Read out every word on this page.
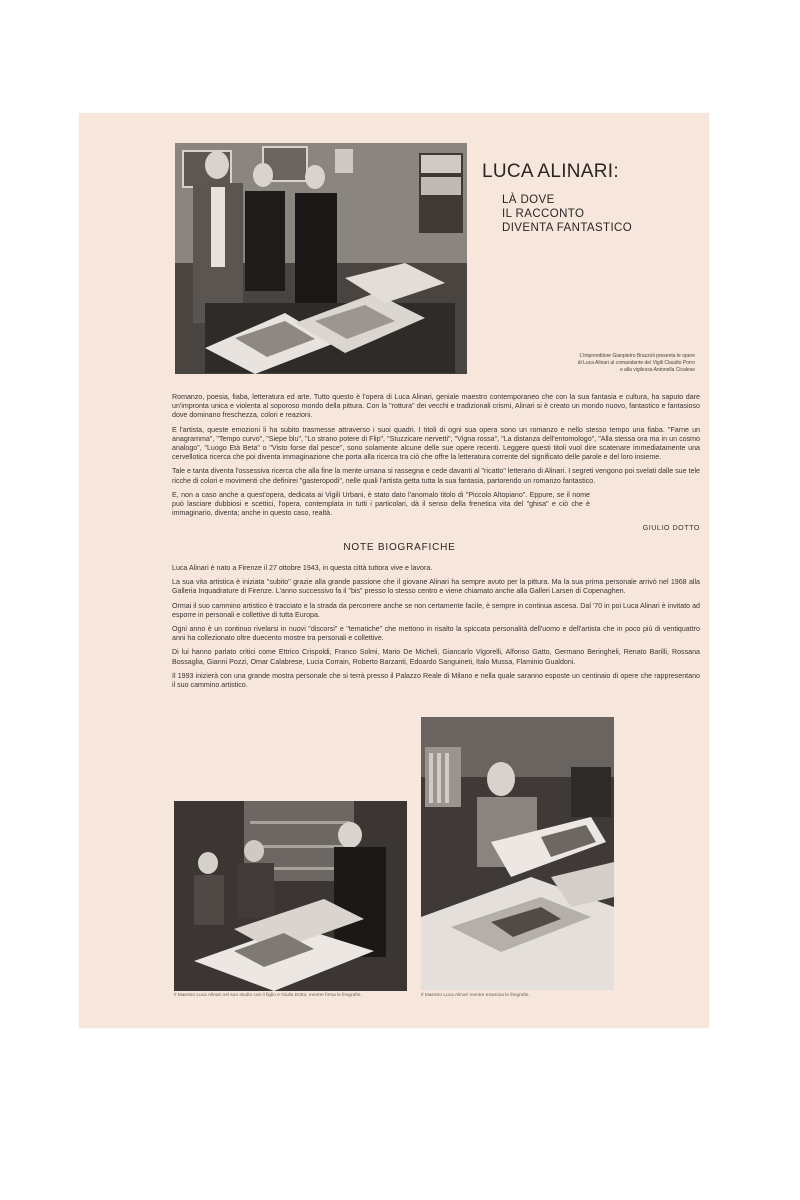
LUCA ALINARI:
LÀ DOVE
IL RACCONTO
DIVENTA FANTASTICO
L'imprenditore Gianpietro Brazzoli presenta le opere
di Luca Alinari al comandante dei Vigili Claudio Porro
e alla vigilessa Antonella Cicalese

Romanzo, poesia, fiaba, letteratura ed arte. Tutto questo è l'opera di Luca Alinari, geniale maestro contemporaneo che con la sua fantasia e cultura, ha saputo dare un'impronta unica e violenta al soporoso mondo della pittura. Con la "rottura" dei vecchi e tradizionali crismi, Alinari si è creato un mondo nuovo, fantastico e fantasioso dove dominano freschezza, colori e reazioni.

E l'artista, queste emozioni li ha subito trasmesse attraverso i suoi quadri. I titoli di ogni sua opera sono un romanzo e nello stesso tempo una fiaba. "Farne un anagramma", "Tempo curvo", "Siepe blu", "Lo strano potere di Flip", "Stuzzicare nervetti", "Vigna rossa", "La distanza dell'entomologo", "Alla stessa ora ma in un cosmo analogo", "Luogo Età Beta" o "Visto forse dal pesce", sono solamente alcune delle sue opere recenti. Leggere questi titoli vuol dire scatenare immediatamente una cervellotica ricerca che poi diventa immaginazione che porta alla ricerca tra ciò che offre la letteratura corrente del significato delle parole e del loro insieme.

Tale e tanta diventa l'ossessiva ricerca che alla fine la mente umana si rassegna e cede davanti al "ricatto" letterario di Alinari. I segreti vengono poi svelati dalle sue tele ricche di colori e movimenti che definirei "gasteropodi", nelle quali l'artista getta tutta la sua fantasia, partorendo un romanzo fantastico.

E, non a caso anche a quest'opera, dedicata ai Vigili Urbani, è stato dato l'anomalo titolo di "Piccolo Altopiano". Eppure, se il nome può lasciare dubbiosi e scettici, l'opera, contemplata in tutti i particolari, dà il senso della frenetica vita del "ghisa" e ciò che è immaginario, diventa; anche in questo caso, realtà.

GIULIO DOTTO
NOTE BIOGRAFICHE

Luca Alinari è nato a Firenze il 27 ottobre 1943, in questa città tuttora vive e lavora.

La sua vita artistica è iniziata "subito" grazie alla grande passione che il giovane Alinari ha sempre avuto per la pittura. Ma la sua prima personale arrivò nel 1968 alla Galleria Inquadrature di Firenze. L'anno successivo fa il "bis" presso lo stesso centro e viene chiamato anche alla Galleri Larsen di Copenaghen.

Ormai il suo cammino artistico è tracciato e la strada da percorrere anche se non certamente facile, è sempre in continua ascesa. Dal '70 in poi Luca Alinari è invitato ad esporre in personali e collettive di tutta Europa.

Ogni anno è un continuo rivelarsi in nuovi "discorsi" e "tematiche" che mettono in risalto la spiccata personalità dell'uomo e dell'artista che in poco più di ventiquattro anni ha collezionato oltre duecento mostre tra personali e collettive.

Di lui hanno parlato critici come Ettrico Crispoldi, Franco Solmi, Mario De Micheli, Giancarlo Vigorelli, Alfonso Gatto, Germano Beringheli, Renato Barilli, Rossana Bossaglia, Gianni Pozzi, Omar Calabrese, Lucia Corrain, Roberto Barzanti, Edoardo Sanguineti, Italo Mussa, Flaminio Gualdoni.

Il 1993 inizierà con una grande mostra personale che si terrà presso il Palazzo Reale di Milano e nella quale saranno esposte un centinaio di opere che rappresentano il suo cammino artistico.

Il Maestro Luca Alinari nel suo studio con il figlio e Giulio Dotto, mentre firma le litografie.	Il Maestro Luca Alinari mentre esamina le litografie.
